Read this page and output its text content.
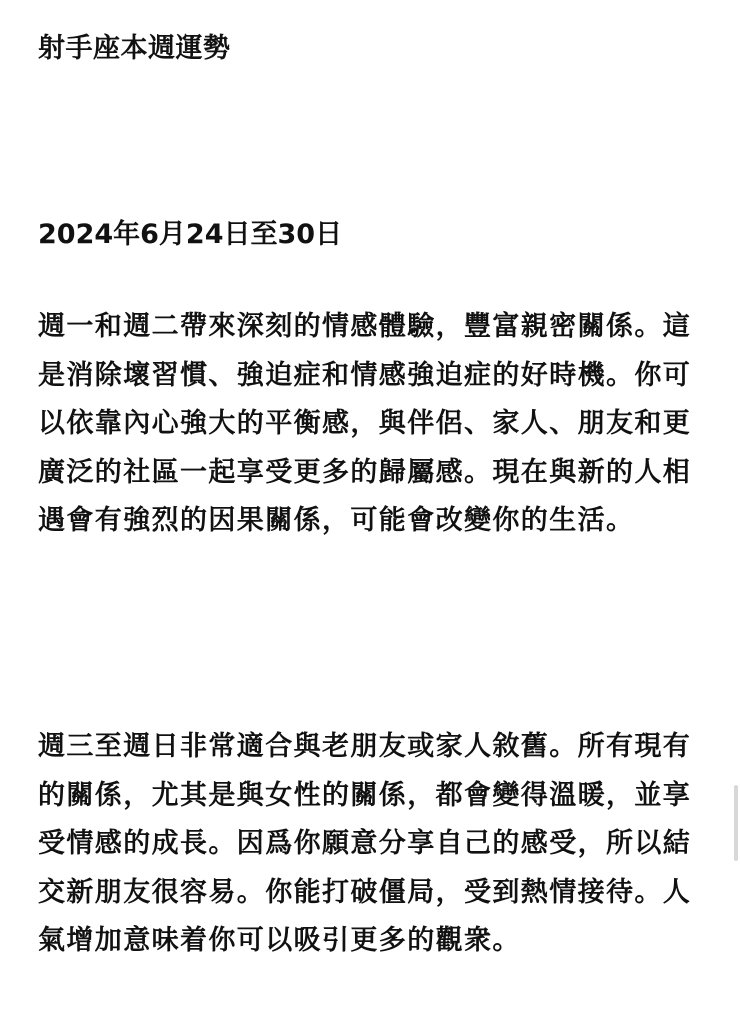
射手座本週運勢
2024年6月24日至30日
週一和週二帶來深刻的情感體驗，豐富親密關係。這是消除壞習慣、強迫症和情感強迫症的好時機。你可以依靠內心強大的平衡感，與伴侶、家人、朋友和更廣泛的社區一起享受更多的歸屬感。現在與新的人相遇會有強烈的因果關係，可能會改變你的生活。
週三至週日非常適合與老朋友或家人敘舊。所有現有的關係，尤其是與女性的關係，都會變得溫暖，並享受情感的成長。因爲你願意分享自己的感受，所以結交新朋友很容易。你能打破僵局，受到熱情接待。人氣增加意味着你可以吸引更多的觀衆。
